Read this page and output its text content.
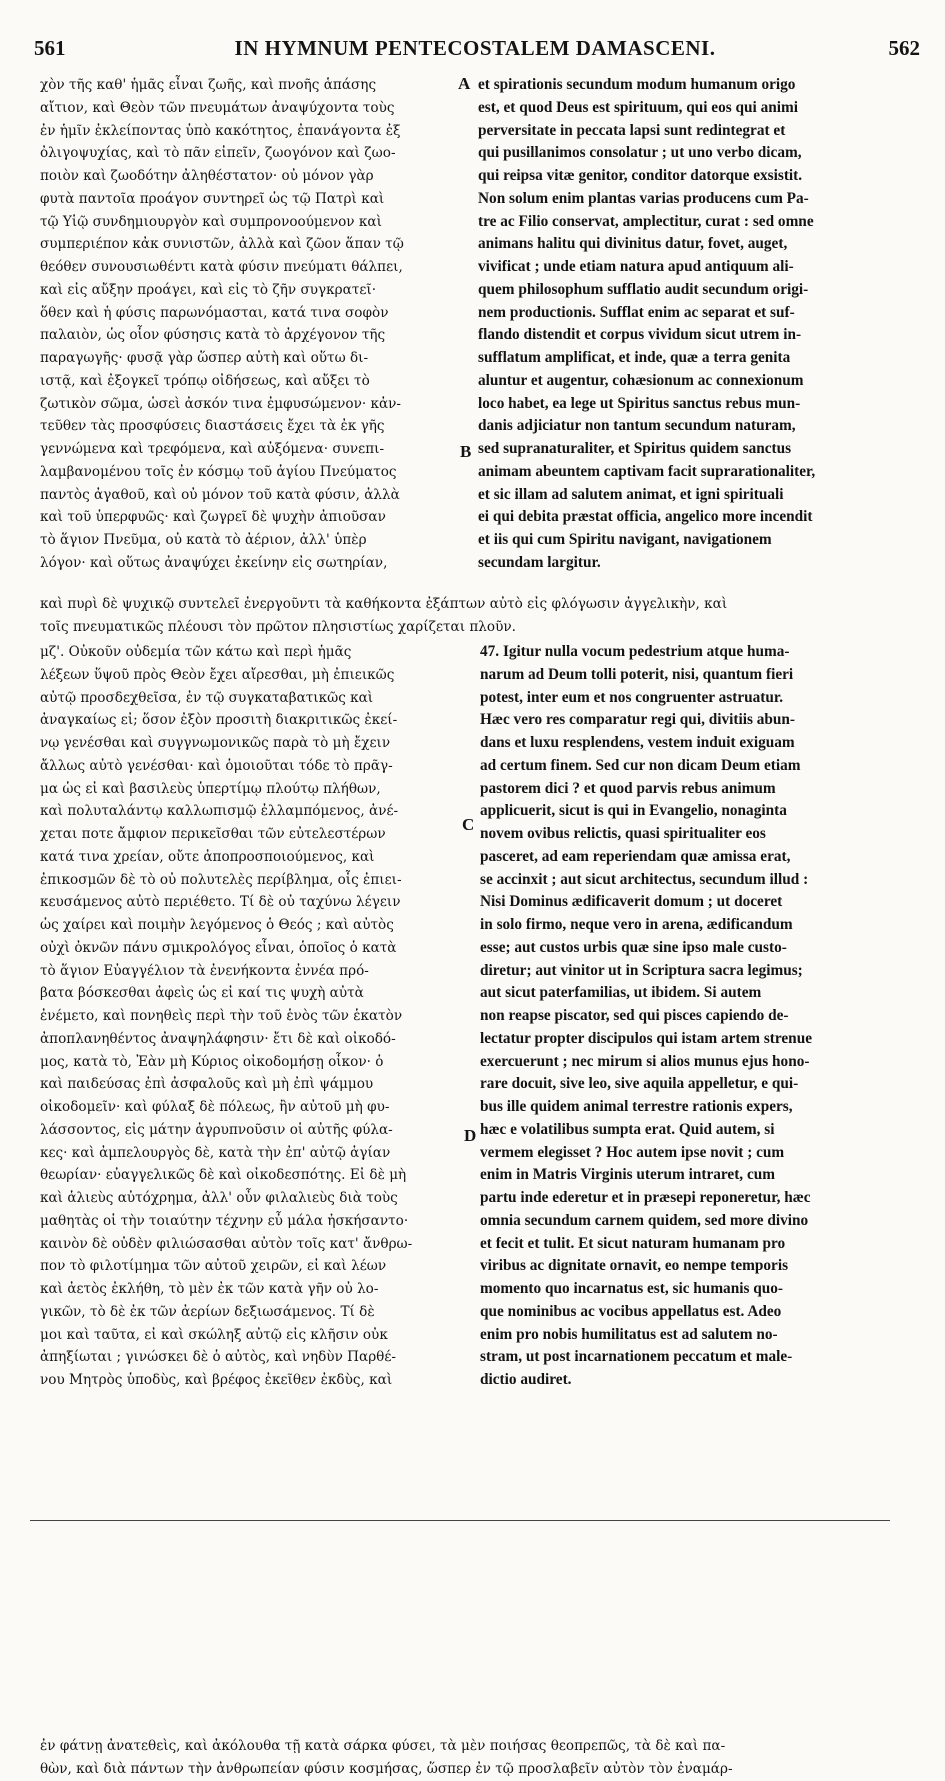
561	IN HYMNUM PENTECOSTALEM DAMASCENI.	562
A
B
C
D
χὸν τῆς καθ' ἡμᾶς εἶναι ζωῆς, καὶ πνοῆς ἁπάσης
αἴτιον, καὶ Θεὸν τῶν πνευμάτων ἀναψύχοντα τοὺς
ἐν ἡμῖν ἐκλείποντας ὑπὸ κακότητος, ἐπανάγοντα ἐξ
ὀλιγοψυχίας, καὶ τὸ πᾶν εἰπεῖν, ζωογόνον καὶ ζωο-
ποιὸν καὶ ζωοδότην ἀληθέστατον· οὐ μόνον γὰρ
φυτὰ παντοῖα πρoάγον συντηρεῖ ὡς τῷ Πατρὶ καὶ
τῷ Υἱῷ συνδημιουργὸν καὶ συμπρονοούμενον καὶ
συμπεριέπον κἀκ συνιστῶν, ἀλλὰ καὶ ζῶον ἅπαν τῷ
θεόθεν συνουσιωθέντι κατὰ φύσιν πνεύματι θάλπει,
καὶ εἰς αὔξην προάγει, καὶ εἰς τὸ ζῆν συγκρατεῖ·
ὅθεν καὶ ἡ φύσις παρωνόμασται, κατά τινα σοφὸν
παλαιὸν, ὡς οἷον φύσησις κατὰ τὸ ἀρχέγονον τῆς
παραγωγῆς· φυσᾷ γὰρ ὥσπερ αὐτὴ καὶ οὕτω δι-
ιστᾷ, καὶ ἐξογκεῖ τρόπῳ οἰδήσεως, καὶ αὔξει τὸ
ζωτικὸν σῶμα, ὡσεὶ ἀσκόν τινα ἐμφυσώμενον· κἀν-
τεῦθεν τὰς προσφύσεις διαστάσεις ἔχει τὰ ἐκ γῆς
γεννώμενα καὶ τρεφόμενα, καὶ αὐξόμενα· συνεπι-
λαμβανομένου τοῖς ἐν κόσμῳ τοῦ ἁγίου Πνεύματος
παντὸς ἀγαθοῦ, καὶ οὐ μόνον τοῦ κατὰ φύσιν, ἀλλὰ
καὶ τοῦ ὑπερφυῶς· καὶ ζωγρεῖ δὲ ψυχὴν ἀπιοῦσαν
τὸ ἅγιον Πνεῦμα, οὐ κατὰ τὸ ἀέριον, ἀλλ' ὑπὲρ
λόγον· καὶ οὕτως ἀναψύχει ἐκείνην εἰς σωτηρίαν,
et spirationis secundum modum humanum origo
est, et quod Deus est spirituum, qui eos qui animi
perversitate in peccata lapsi sunt redintegrat et
qui pusillanimos consolatur ; ut uno verbo dicam,
qui reipsa vitæ genitor, conditor datorque exsistit.
Non solum enim plantas varias producens cum Pa-
tre ac Filio conservat, amplectitur, curat : sed omne
animans halitu qui divinitus datur, fovet, auget,
vivificat ; unde etiam natura apud antiquum ali-
quem philosophum sufflatio audit secundum origi-
nem productionis. Sufflat enim ac separat et suf-
flando distendit et corpus vividum sicut utrem in-
sufflatum amplificat, et inde, quæ a terra genita
aluntur et augentur, cohæsionum ac connexionum
loco habet, ea lege ut Spiritus sanctus rebus mun-
danis adjiciatur non tantum secundum naturam,
sed supranaturaliter, et Spiritus quidem sanctus
animam abeuntem captivam facit suprarationaliter,
et sic illam ad salutem animat, et igni spirituali
ei qui debita præstat officia, angelico more incendit
et iis qui cum Spiritu navigant, navigationem
secundam largitur.
καὶ πυρὶ δὲ ψυχικῷ συντελεῖ ἐνεργοῦντι τὰ καθήκοντα ἐξάπτων αὐτὸ εἰς φλόγωσιν ἀγγελικὴν, καὶ
τοῖς πνευματικῶς πλέουσι τὸν πρῶτον πλησιστίως χαρίζεται πλοῦν.
μζ'. Οὐκοῦν οὐδεμία τῶν κάτω καὶ περὶ ἡμᾶς
λέξεων ὕψοῦ πρὸς Θεὸν ἔχει αἴρεσθαι, μὴ ἐπιεικῶς
αὐτῷ προσδεχθεῖσα, ἐν τῷ συγκαταβατικῶς καὶ
ἀναγκαίως εἰ; ὅσον ἐξὸν προσιτὴ διακριτικῶς ἐκεί-
νῳ γενέσθαι καὶ συγγνωμονικῶς παρὰ τὸ μὴ ἔχειν
ἄλλως αὐτὸ γενέσθαι· καὶ ὁμοιοῦται τόδε τὸ πρᾶγ-
μα ὡς εἰ καὶ βασιλεὺς ὑπερτίμῳ πλούτῳ πλήθων,
καὶ πολυταλάντῳ καλλωπισμῷ ἐλλαμπόμενος, ἀνέ-
χεται ποτε ἄμφιον περικεῖσθαι τῶν εὐτελεστέρων
κατά τινα χρείαν, οὔτε ἀποπροσποιούμενος, καὶ
ἐπικοσμῶν δὲ τὸ οὐ πολυτελὲς περίβλημα, οἷς ἐπιει-
κευσάμενος αὐτὸ περιέθετο. Τί δὲ οὐ ταχύνω λέγειν
ὡς χαίρει καὶ ποιμὴν λεγόμενος ὁ Θεός ; καὶ αὐτὸς
οὐχὶ ὀκνῶν πάνυ σμικρολόγος εἶναι, ὁποῖος ὁ κατὰ
τὸ ἅγιον Εὐαγγέλιον τὰ ἐνενήκοντα ἐννέα πρό-
βατα βόσκεσθαι ἀφεὶς ὡς εἰ καί τις ψυχὴ αὐτὰ
ἐνέμετο, καὶ πονηθεὶς περὶ τὴν τοῦ ἑνὸς τῶν ἑκατὸν
ἀποπλανηθέντος ἀναψηλάφησιν· ἔτι δὲ καὶ οἰκοδό-
μος, κατὰ τὸ, Ἐὰν μὴ Κύριος οἰκοδομήσῃ οἶκον· ὁ
καὶ παιδεύσας ἐπὶ ἀσφαλοῦς καὶ μὴ ἐπὶ ψάμμου
οἰκοδομεῖν· καὶ φύλαξ δὲ πόλεως, ἢν αὐτοῦ μὴ φυ-
λάσσοντος, εἰς μάτην ἀγρυπνοῦσιν οἱ αὐτῆς φύλα-
κες· καὶ ἀμπελουργὸς δὲ, κατὰ τὴν ἐπ' αὐτῷ ἁγίαν
θεωρίαν· εὐαγγελικῶς δὲ καὶ οἰκοδεσπότης. Εἰ δὲ μὴ
καὶ ἁλιεὺς αὐτόχρημα, ἀλλ' οὖν φιλαλιεὺς διὰ τοὺς
μαθητὰς οἱ τὴν τοιαύτην τέχνην εὖ μάλα ἠσκήσαντο·
καινὸν δὲ οὐδὲν φιλιώσασθαι αὐτὸν τοῖς κατ' ἄνθρω-
πον τὸ φιλοτίμημα τῶν αὐτοῦ χειρῶν, εἰ καὶ λέων
καὶ ἀετὸς ἐκλήθη, τὸ μὲν ἐκ τῶν κατὰ γῆν οὐ λο-
γικῶν, τὸ δὲ ἐκ τῶν ἀερίων δεξιωσάμενος. Τί δὲ
μοι καὶ ταῦτα, εἰ καὶ σκώληξ αὐτῷ εἰς κλῆσιν οὐκ
ἀπηξίωται ; γινώσκει δὲ ὁ αὐτὸς, καὶ νηδὺν Παρθέ-
νου Μητρὸς ὑποδὺς, καὶ βρέφος ἐκεῖθεν ἐκδὺς, καὶ
47. Igitur nulla vocum pedestrium atque huma-
narum ad Deum tolli poterit, nisi, quantum fieri
potest, inter eum et nos congruenter astruatur.
Hæc vero res comparatur regi qui, divitiis abun-
dans et luxu resplendens, vestem induit exiguam
ad certum finem. Sed cur non dicam Deum etiam
pastorem dici ? et quod parvis rebus animum
applicuerit, sicut is qui in Evangelio, nonaginta
novem ovibus relictis, quasi spiritualiter eos
pasceret, ad eam reperiendam quæ amissa erat,
se accinxit ; aut sicut architectus, secundum illud :
Nisi Dominus ædificaverit domum ; ut doceret
in solo firmo, neque vero in arena, ædificandum
esse; aut custos urbis quæ sine ipso male custo-
diretur; aut vinitor ut in Scriptura sacra legimus;
aut sicut paterfamilias, ut ibidem. Si autem
non reapse piscator, sed qui pisces capiendo de-
lectatur propter discipulos qui istam artem strenue
exercuerunt ; nec mirum si alios munus ejus hono-
rare docuit, sive leo, sive aquila appelletur, e qui-
bus ille quidem animal terrestre rationis expers,
hæc e volatilibus sumpta erat. Quid autem, si
vermem elegisset ? Hoc autem ipse novit ; cum
enim in Matris Virginis uterum intraret, cum
partu inde ederetur et in præsepi reponeretur, hæc
omnia secundum carnem quidem, sed more divino
et fecit et tulit. Et sicut naturam humanam pro
viribus ac dignitate ornavit, eo nempe temporis
momento quo incarnatus est, sic humanis quo-
que nominibus ac vocibus appellatus est. Adeo
enim pro nobis humilitatus est ad salutem no-
stram, ut post incarnationem peccatum et male-
dictio audiret.
ἐν φάτνῃ ἀνατεθεὶς, καὶ ἀκόλουθα τῇ κατὰ σάρκα φύσει, τὰ μὲν ποιήσας θεοπρεπῶς, τὰ δὲ καὶ πα-
θὼν, καὶ διὰ πάντων τὴν ἀνθρωπείαν φύσιν κοσμήσας, ὥσπερ ἐν τῷ προσλαβεῖν αὐτὸν τὸν ἐναμάρ-
